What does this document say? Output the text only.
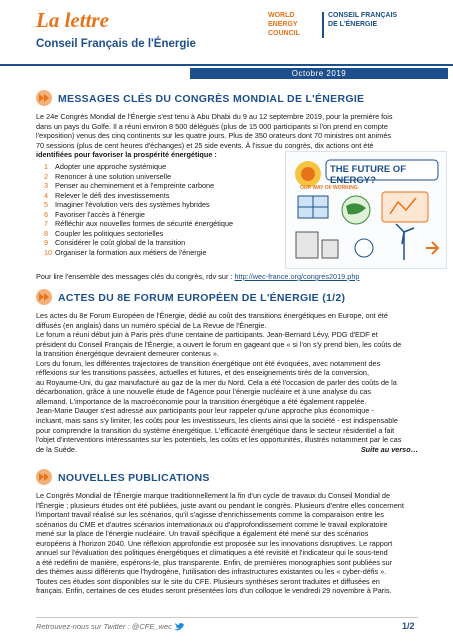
La lettre
Conseil Français de l'Énergie
WORLD
ENERGY
COUNCIL
CONSEIL FRANÇAIS
DE L'ÉNERGIE
Octobre 2019
MESSAGES CLÉS DU CONGRÈS MONDIAL DE L'ÉNERGIE
Le 24e Congrès Mondial de l'Énergie s'est tenu à Abu Dhabi du 9 au 12 septembre 2019, pour la première fois
dans un pays du Golfe. Il a réuni environ 8 500 délégués (plus de 15 000 participants si l'on prend en compte
l'exposition) venus des cinq continents sur les quatre jours. Plus de 350 orateurs dont 70 ministres ont animés
70 sessions (plus de cent heures d'échanges) et 25 side events. À l'issue du congrès, dix actions ont été
identifiées pour favoriser la prospérité énergétique :
1 Adopter une approche systémique
2 Renoncer à une solution universelle
3 Penser au cheminement et à l'empreinte carbone
4 Relever le défi des investissements
5 Imaginer l'évolution vers des systèmes hybrides
6 Favoriser l'accès à l'énergie
7 Réfléchir aux nouvelles formes de sécurité énergétique
8 Coupler les politiques sectorielles
9 Considérer le coût global de la transition
10 Organiser la formation aux métiers de l'énergie
THE FUTURE OF ENERGY?
OUR WAY OF WORKING
Pour lire l'ensemble des messages clés du congrès, rdv sur : http://wec-france.org/congres2019.php
ACTES DU 8E FORUM EUROPÉEN DE L'ÉNERGIE (1/2)
Les actes du 8e Forum Européen de l'Énergie, dédié au coût des transitions énergétiques en Europe, ont été
diffusés (en anglais) dans un numéro spécial de La Revue de l'Énergie.
Le forum a réuni début juin à Paris près d'une centaine de participants. Jean-Bernard Lévy, PDG d'EDF et
président du Conseil Français de l'Énergie, a ouvert le forum en gageant que « si l'on s'y prend bien, les coûts de
la transition énergétique devraient demeurer contenus ».
Lors du forum, les différentes trajectoires de transition énergétique ont été évoquées, avec notamment des
réflexions sur les transitions passées, actuelles et futures, et des enseignements tirés de la conversion,
au Royaume-Uni, du gaz manufacturé au gaz de la mer du Nord. Cela a été l'occasion de parler des coûts de la
décarbonation, grâce à une nouvelle étude de l'Agence pour l'énergie nucléaire et à une analyse du cas
allemand. L'importance de la macroéconomie pour la transition énergétique a été également rappelée.
Jean-Marie Dauger s'est adressé aux participants pour leur rappeler qu'une approche plus économique -
incluant, mais sans s'y limiter, les coûts pour les investisseurs, les clients ainsi que la société - est indispensable
pour comprendre la transition du système énergétique. L'efficacité énergétique dans le secteur résidentiel a fait
l'objet d'interventions intéressantes sur les potentiels, les coûts et les opportunités, illustrés notamment par le cas
de la Suède.	Suite au verso…
NOUVELLES PUBLICATIONS
Le Congrès Mondial de l'Énergie marque traditionnellement la fin d'un cycle de travaux du Conseil Mondial de
l'Énergie ; plusieurs études ont été publiées, juste avant ou pendant le congrès. Plusieurs d'entre elles concernent
l'important travail réalisé sur les scénarios, qu'il s'agisse d'enrichissements comme la comparaison entre les
scénarios du CME et d'autres scénarios internationaux ou d'approfondissement comme le travail exploratoire
mené sur la place de l'énergie nucléaire. Un travail spécifique a également été mené sur des scénarios
européens à l'horizon 2040. Une réflexion approfondie est proposée sur les innovations disruptives. Le rapport
annuel sur l'évaluation des politiques énergétiques et climatiques a été revisité et l'indicateur qui le sous-tend
a été redéfini de manière, espérons-le, plus transparente. Enfin, de premières monographies sont publiées sur
des thèmes aussi différents que l'hydrogène, l'utilisation des infrastructures existantes ou les « cyber-défis ».
Toutes ces études sont disponibles sur le site du CFE. Plusieurs synthèses seront traduites et diffusées en
français. Enfin, certaines de ces études seront présentées lors d'un colloque le vendredi 29 novembre à Paris.
Retrouvez-nous sur Twitter : @CFE_wec	1/2
